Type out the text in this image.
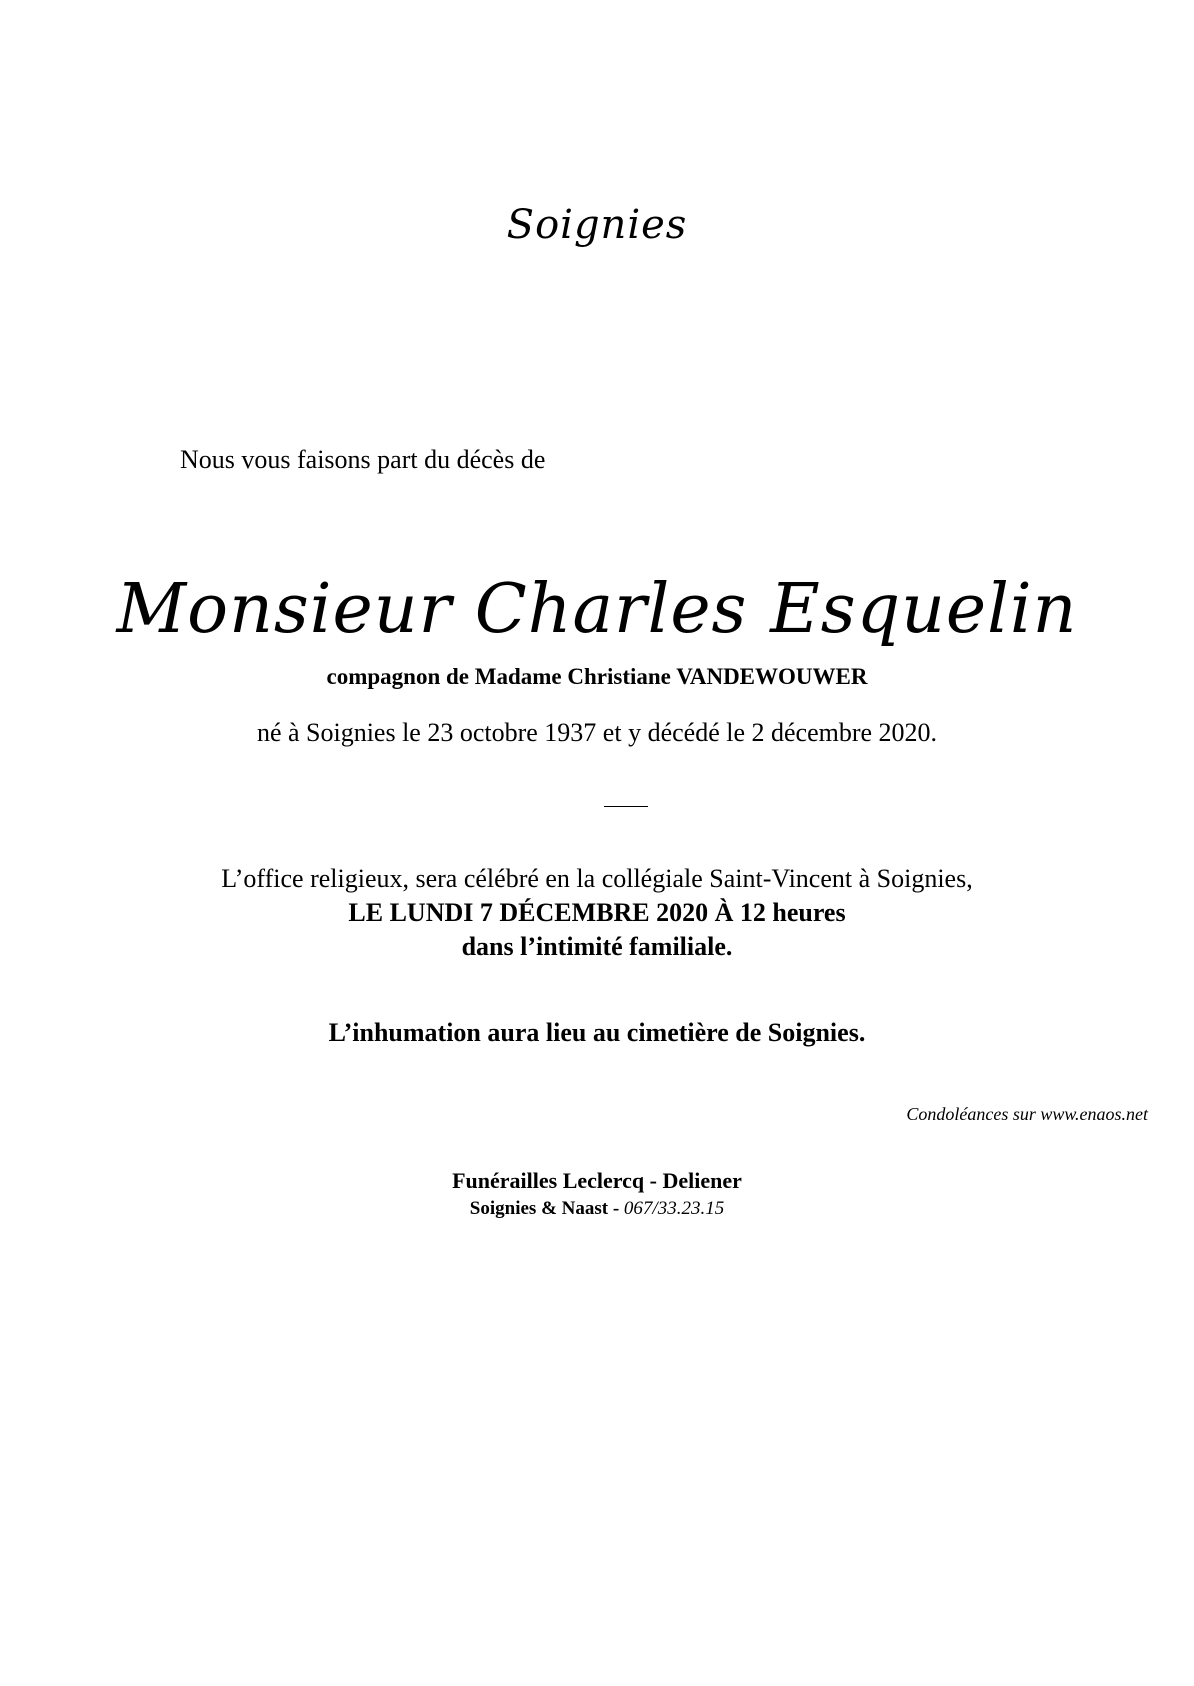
Soignies
Nous vous faisons part du décès de
Monsieur Charles Esquelin
compagnon de Madame Christiane VANDEWOUWER
né à Soignies le 23 octobre 1937 et y décédé le 2 décembre 2020.
L’office religieux, sera célébré en la collégiale Saint-Vincent à Soignies,
LE LUNDI 7 DÉCEMBRE 2020 À 12 heures
dans l’intimité familiale.
L’inhumation aura lieu au cimetière de Soignies.
Condoléances sur www.enaos.net
Funérailles Leclercq - Deliener
Soignies & Naast - 067/33.23.15
